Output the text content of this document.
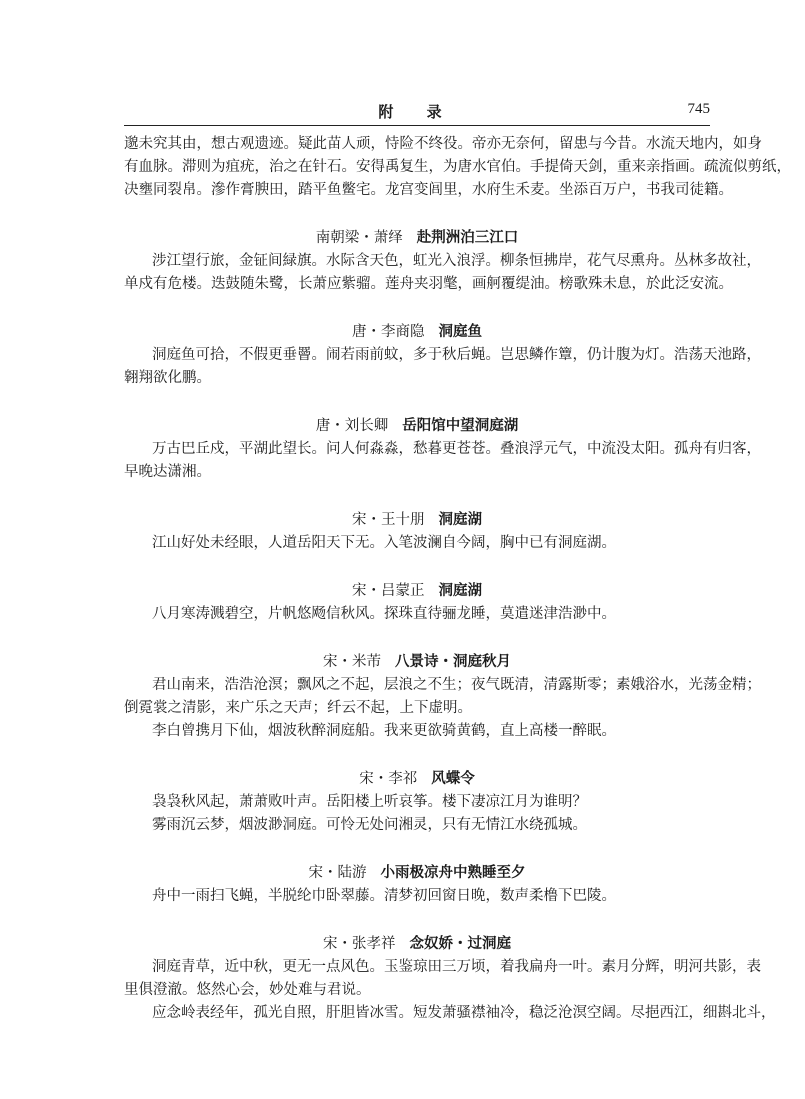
附 录	745
邈未究其由，想古观遗迹。疑此苗人顽，恃险不终役。帝亦无奈何，留患与今昔。水流天地内，如身
有血脉。滞则为疽疣，治之在针石。安得禹复生，为唐水官伯。手提倚天剑，重来亲指画。疏流似剪纸，
决壅同裂帛。滲作膏腴田，踏平鱼鳖宅。龙宫变闾里，水府生禾麦。坐添百万户，书我司徒籍。
南朝梁・萧绎 赴荆洲泊三江口
涉江望行旅，金钲间緑旗。水际含天色，虹光入浪浮。柳条恒拂岸，花气尽熏舟。丛林多故社，
单戍有危楼。迭鼓随朱鹭，长萧应紫骝。莲舟夹羽氅，画舸覆缇油。榜歌殊未息，於此泛安流。
唐・李商隐 洞庭鱼
洞庭鱼可拾，不假更垂罾。闹若雨前蚊，多于秋后蝇。岂思鳞作簟，仍计腹为灯。浩荡天池路，
翱翔欲化鹏。
唐・刘长卿 岳阳馆中望洞庭湖
万古巴丘戍，平湖此望长。问人何淼淼，愁暮更苍苍。叠浪浮元气，中流没太阳。孤舟有归客，
早晚达潇湘。
宋・王十朋 洞庭湖
江山好处未经眼，人道岳阳天下无。入笔波澜自今阔，胸中已有洞庭湖。
宋・吕蒙正 洞庭湖
八月寒涛溅碧空，片帆悠飏信秋风。探珠直待骊龙睡，莫遣迷津浩渺中。
宋・米芾 八景诗・洞庭秋月
君山南来，浩浩沧溟；飘风之不起，层浪之不生；夜气既清，清露斯零；素娥浴水，光荡金精；
倒霓裳之清影，来广乐之天声；纤云不起，上下虚明。
李白曾携月下仙，烟波秋醉洞庭船。我来更欲骑黄鹤，直上高楼一醉眠。
宋・李祁 风蝶令
袅袅秋风起，萧萧败叶声。岳阳楼上听哀筝。楼下凄凉江月为谁明？
雾雨沉云梦，烟波渺洞庭。可怜无处问湘灵，只有无情江水绕孤城。
宋・陆游 小雨极凉舟中熟睡至夕
舟中一雨扫飞蝇，半脱纶巾卧翠藤。清梦初回窗日晚，数声柔橹下巴陵。
宋・张孝祥 念奴娇・过洞庭
洞庭青草，近中秋，更无一点风色。玉鉴琼田三万顷，着我扁舟一叶。素月分辉，明河共影，表
里俱澄澈。悠然心会，妙处难与君说。
应念岭表经年，孤光自照，肝胆皆冰雪。短发萧骚襟袖冷，稳泛沧溟空阔。尽挹西江，细斟北斗，
